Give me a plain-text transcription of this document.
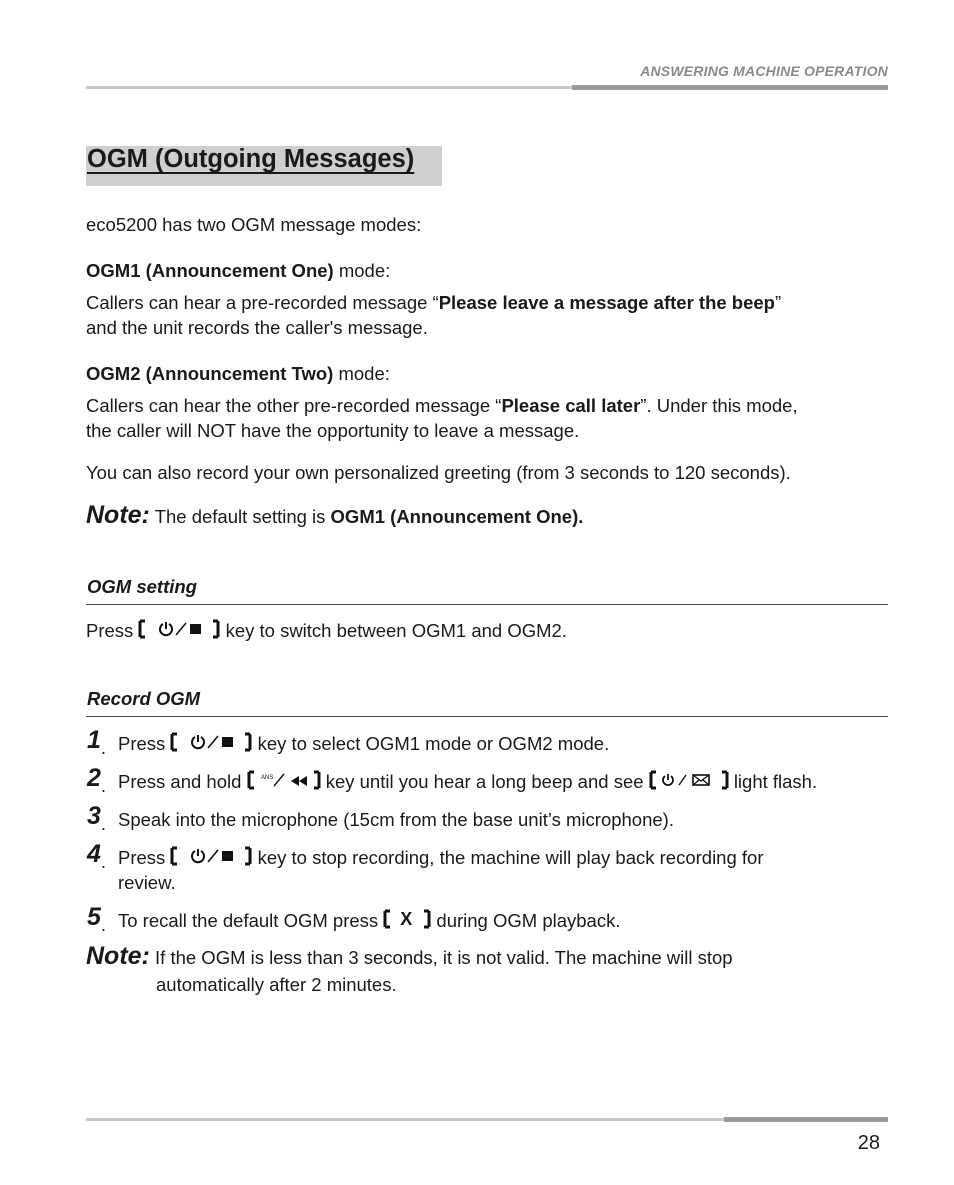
ANSWERING MACHINE OPERATION
OGM (Outgoing Messages)
eco5200 has two OGM message modes:
OGM1 (Announcement One) mode:
Callers can hear a pre-recorded message “Please leave a message after the beep”
and the unit records the caller's message.
OGM2 (Announcement Two) mode:
Callers can hear the other pre-recorded message “Please call later”. Under this mode,
the caller will NOT have the opportunity to leave a message.
You can also record your own personalized greeting (from 3 seconds to 120 seconds).
Note: The default setting is OGM1 (Announcement One).
OGM setting
Press	key to switch between OGM1 and OGM2.
Record OGM
1 . Press	key to select OGM1 mode or OGM2 mode.
2 . Press and hold	ANS	key until you hear a long beep and see	light flash.
3 . Speak into the microphone (15cm from the base unit’s microphone).
4 . Press	key to stop recording, the machine will play back recording for
review.
5 . To recall the default OGM press X during OGM playback.
Note: If the OGM is less than 3 seconds, it is not valid. The machine will stop
automatically after 2 minutes.
28
